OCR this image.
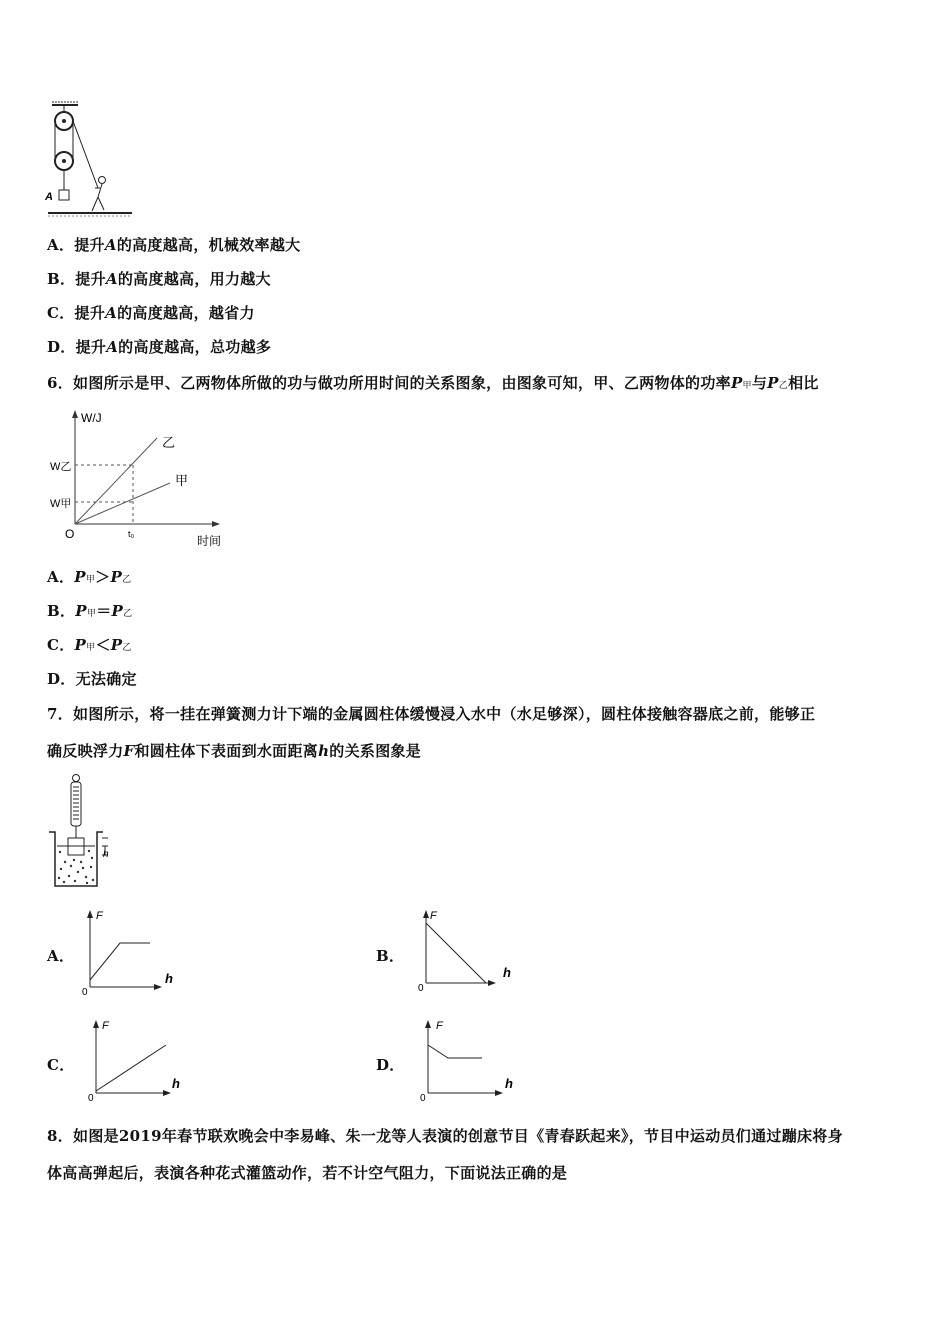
A
A．提升A的高度越高，机械效率越大
B．提升A的高度越高，用力越大
C．提升A的高度越高，越省力
D．提升A的高度越高，总功越多
6．如图所示是甲、乙两物体所做的功与做功所用时间的关系图象，由图象可知，甲、乙两物体的功率P甲与P乙相比
W/J
时间
O	t₀
W乙
W甲
乙
甲
A．P甲＞P乙
B．P甲＝P乙
C．P甲＜P乙
D．无法确定
7．如图所示，将一挂在弹簧测力计下端的金属圆柱体缓慢浸入水中（水足够深），圆柱体接触容器底之前，能够正
确反映浮力F和圆柱体下表面到水面距离h的关系图象是
h
A．
F
h
0
B．
F
h
0
C．
F
h
0
D．
F
h
0
8．如图是2019年春节联欢晚会中李易峰、朱一龙等人表演的创意节目《青春跃起来》，节目中运动员们通过蹦床将身
体高高弹起后，表演各种花式灌篮动作，若不计空气阻力，下面说法正确的是
